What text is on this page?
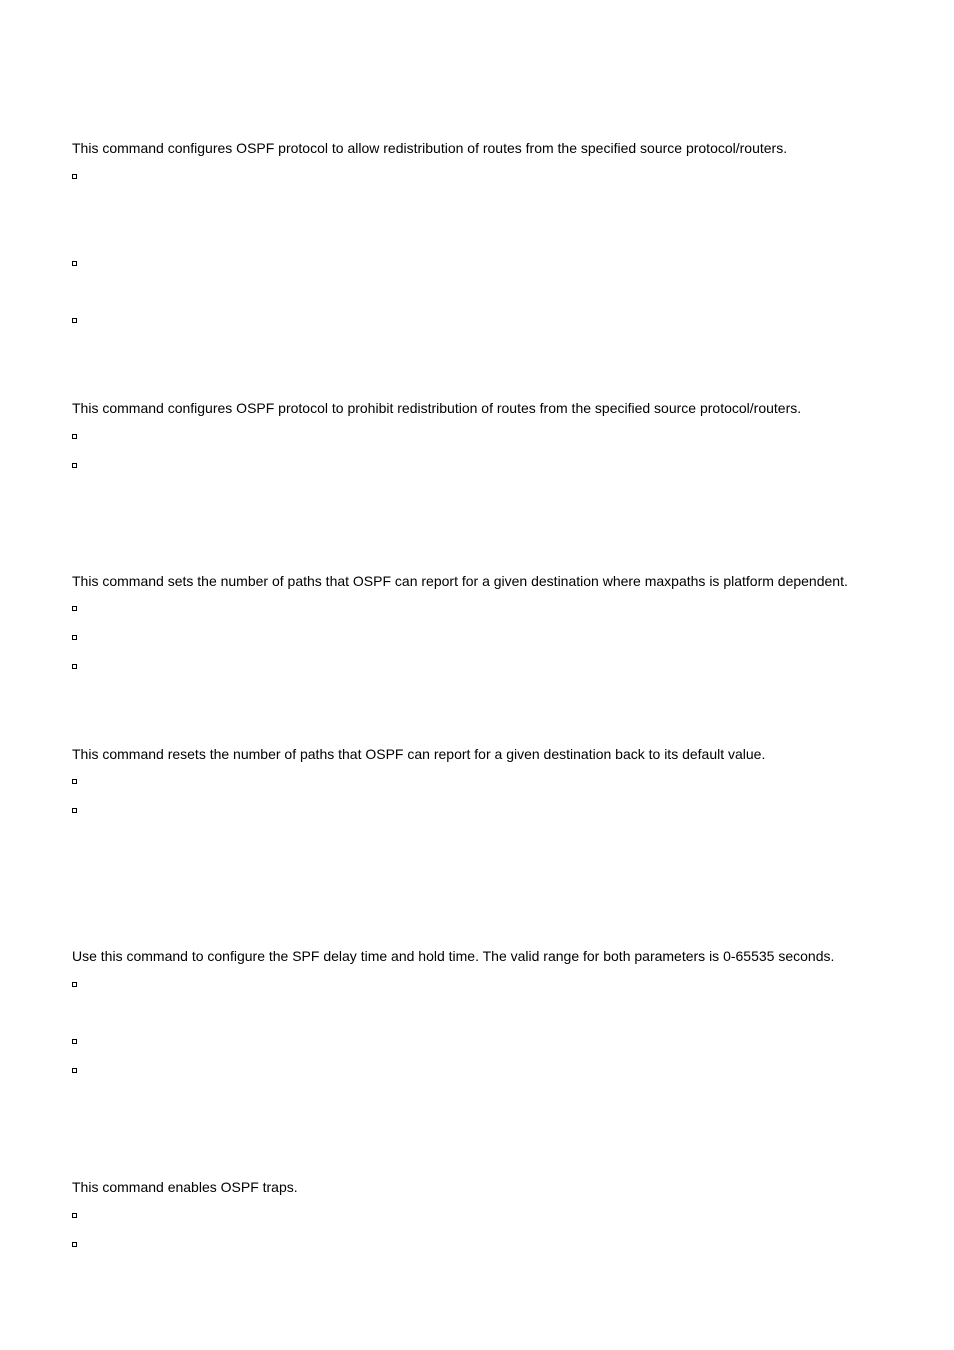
This command configures OSPF protocol to allow redistribution of routes from the specified source protocol/routers.

This command configures OSPF protocol to prohibit redistribution of routes from the specified source protocol/routers.

This command sets the number of paths that OSPF can report for a given destination where maxpaths is platform dependent.

This command resets the number of paths that OSPF can report for a given destination back to its default value.

Use this command to configure the SPF delay time and hold time. The valid range for both parameters is 0-65535 seconds.

This command enables OSPF traps.
